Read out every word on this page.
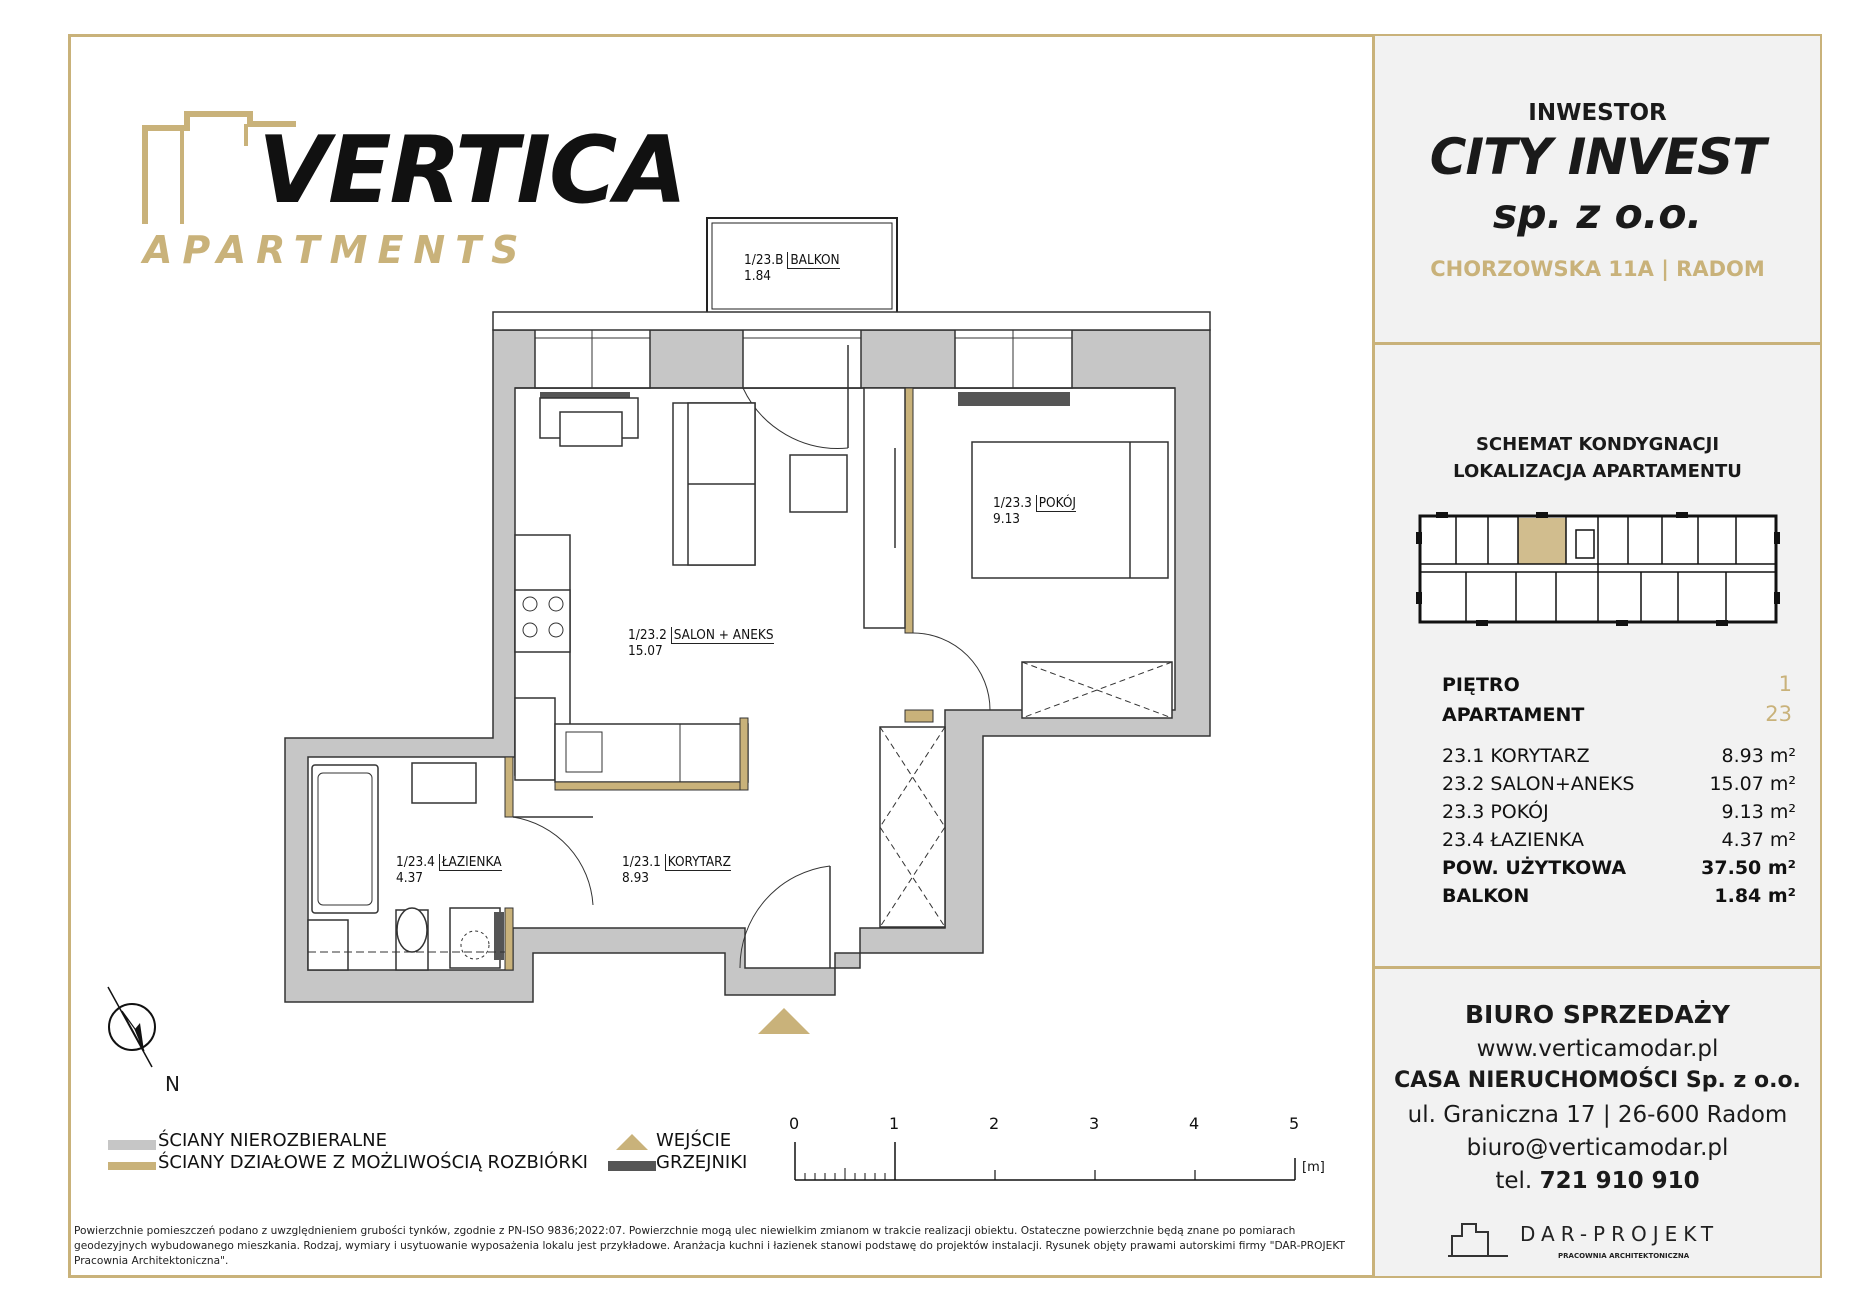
VERTICA
APARTMENTS	1/23.B BALKON
1.84
1/23.3 POKÓJ
9.13
1/23.2 SALON + ANEKS
15.07
1/23.4 ŁAZIENKA
4.37
1/23.1 KORYTARZ
8.93
N
ŚCIANY NIEROZBIERALNE
ŚCIANY DZIAŁOWE Z MOŻLIWOŚCIĄ ROZBIÓRKI
WEJŚCIE
GRZEJNIKI
0	1	2	3	4	5
[m]
Powierzchnie pomieszczeń podano z uwzględnieniem grubości tynków, zgodnie z PN-ISO 9836;2022:07. Powierzchnie mogą ulec niewielkim zmianom w trakcie realizacji obiektu. Ostateczne powierzchnie będą znane po pomiarach geodezyjnych wybudowanego mieszkania. Rodzaj, wymiary i usytuowanie wyposażenia lokalu jest przykładowe. Aranżacja kuchni i łazienek stanowi podstawę do projektów instalacji. Rysunek objęty prawami autorskimi firmy "DAR-PROJEKT Pracownia Architektoniczna".
INWESTOR
CITY INVEST
sp. z o.o.
CHORZOWSKA 11A | RADOM
SCHEMAT KONDYGNACJI
LOKALIZACJA APARTAMENTU
PIĘTRO	1
APARTAMENT	23
23.1 KORYTARZ	8.93 m²
23.2 SALON+ANEKS	15.07 m²
23.3 POKÓJ	9.13 m²
23.4 ŁAZIENKA	4.37 m²
POW. UŻYTKOWA	37.50 m²
BALKON	1.84 m²
BIURO SPRZEDAŻY
www.verticamodar.pl
CASA NIERUCHOMOŚCI Sp. z o.o.
ul. Graniczna 17 | 26-600 Radom
biuro@verticamodar.pl
tel. 721 910 910
DAR-PROJEKT
PRACOWNIA ARCHITEKTONICZNA
